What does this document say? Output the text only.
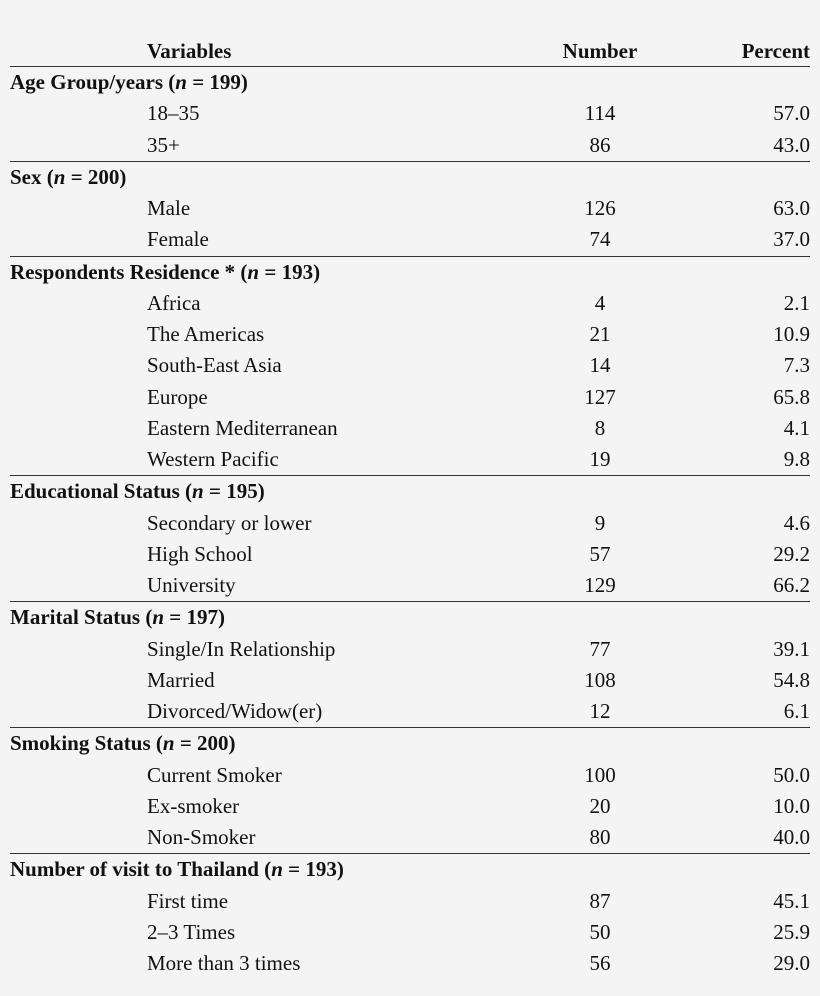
Variables	Number	Percent
Age Group/years (n = 199)
18–35	114	57.0
35+	86	43.0
Sex (n = 200)
Male	126	63.0
Female	74	37.0
Respondents Residence * (n = 193)
Africa	4	2.1
The Americas	21	10.9
South-East Asia	14	7.3
Europe	127	65.8
Eastern Mediterranean	8	4.1
Western Pacific	19	9.8
Educational Status (n = 195)
Secondary or lower	9	4.6
High School	57	29.2
University	129	66.2
Marital Status (n = 197)
Single/In Relationship	77	39.1
Married	108	54.8
Divorced/Widow(er)	12	6.1
Smoking Status (n = 200)
Current Smoker	100	50.0
Ex-smoker	20	10.0
Non-Smoker	80	40.0
Number of visit to Thailand (n = 193)
First time	87	45.1
2–3 Times	50	25.9
More than 3 times	56	29.0
